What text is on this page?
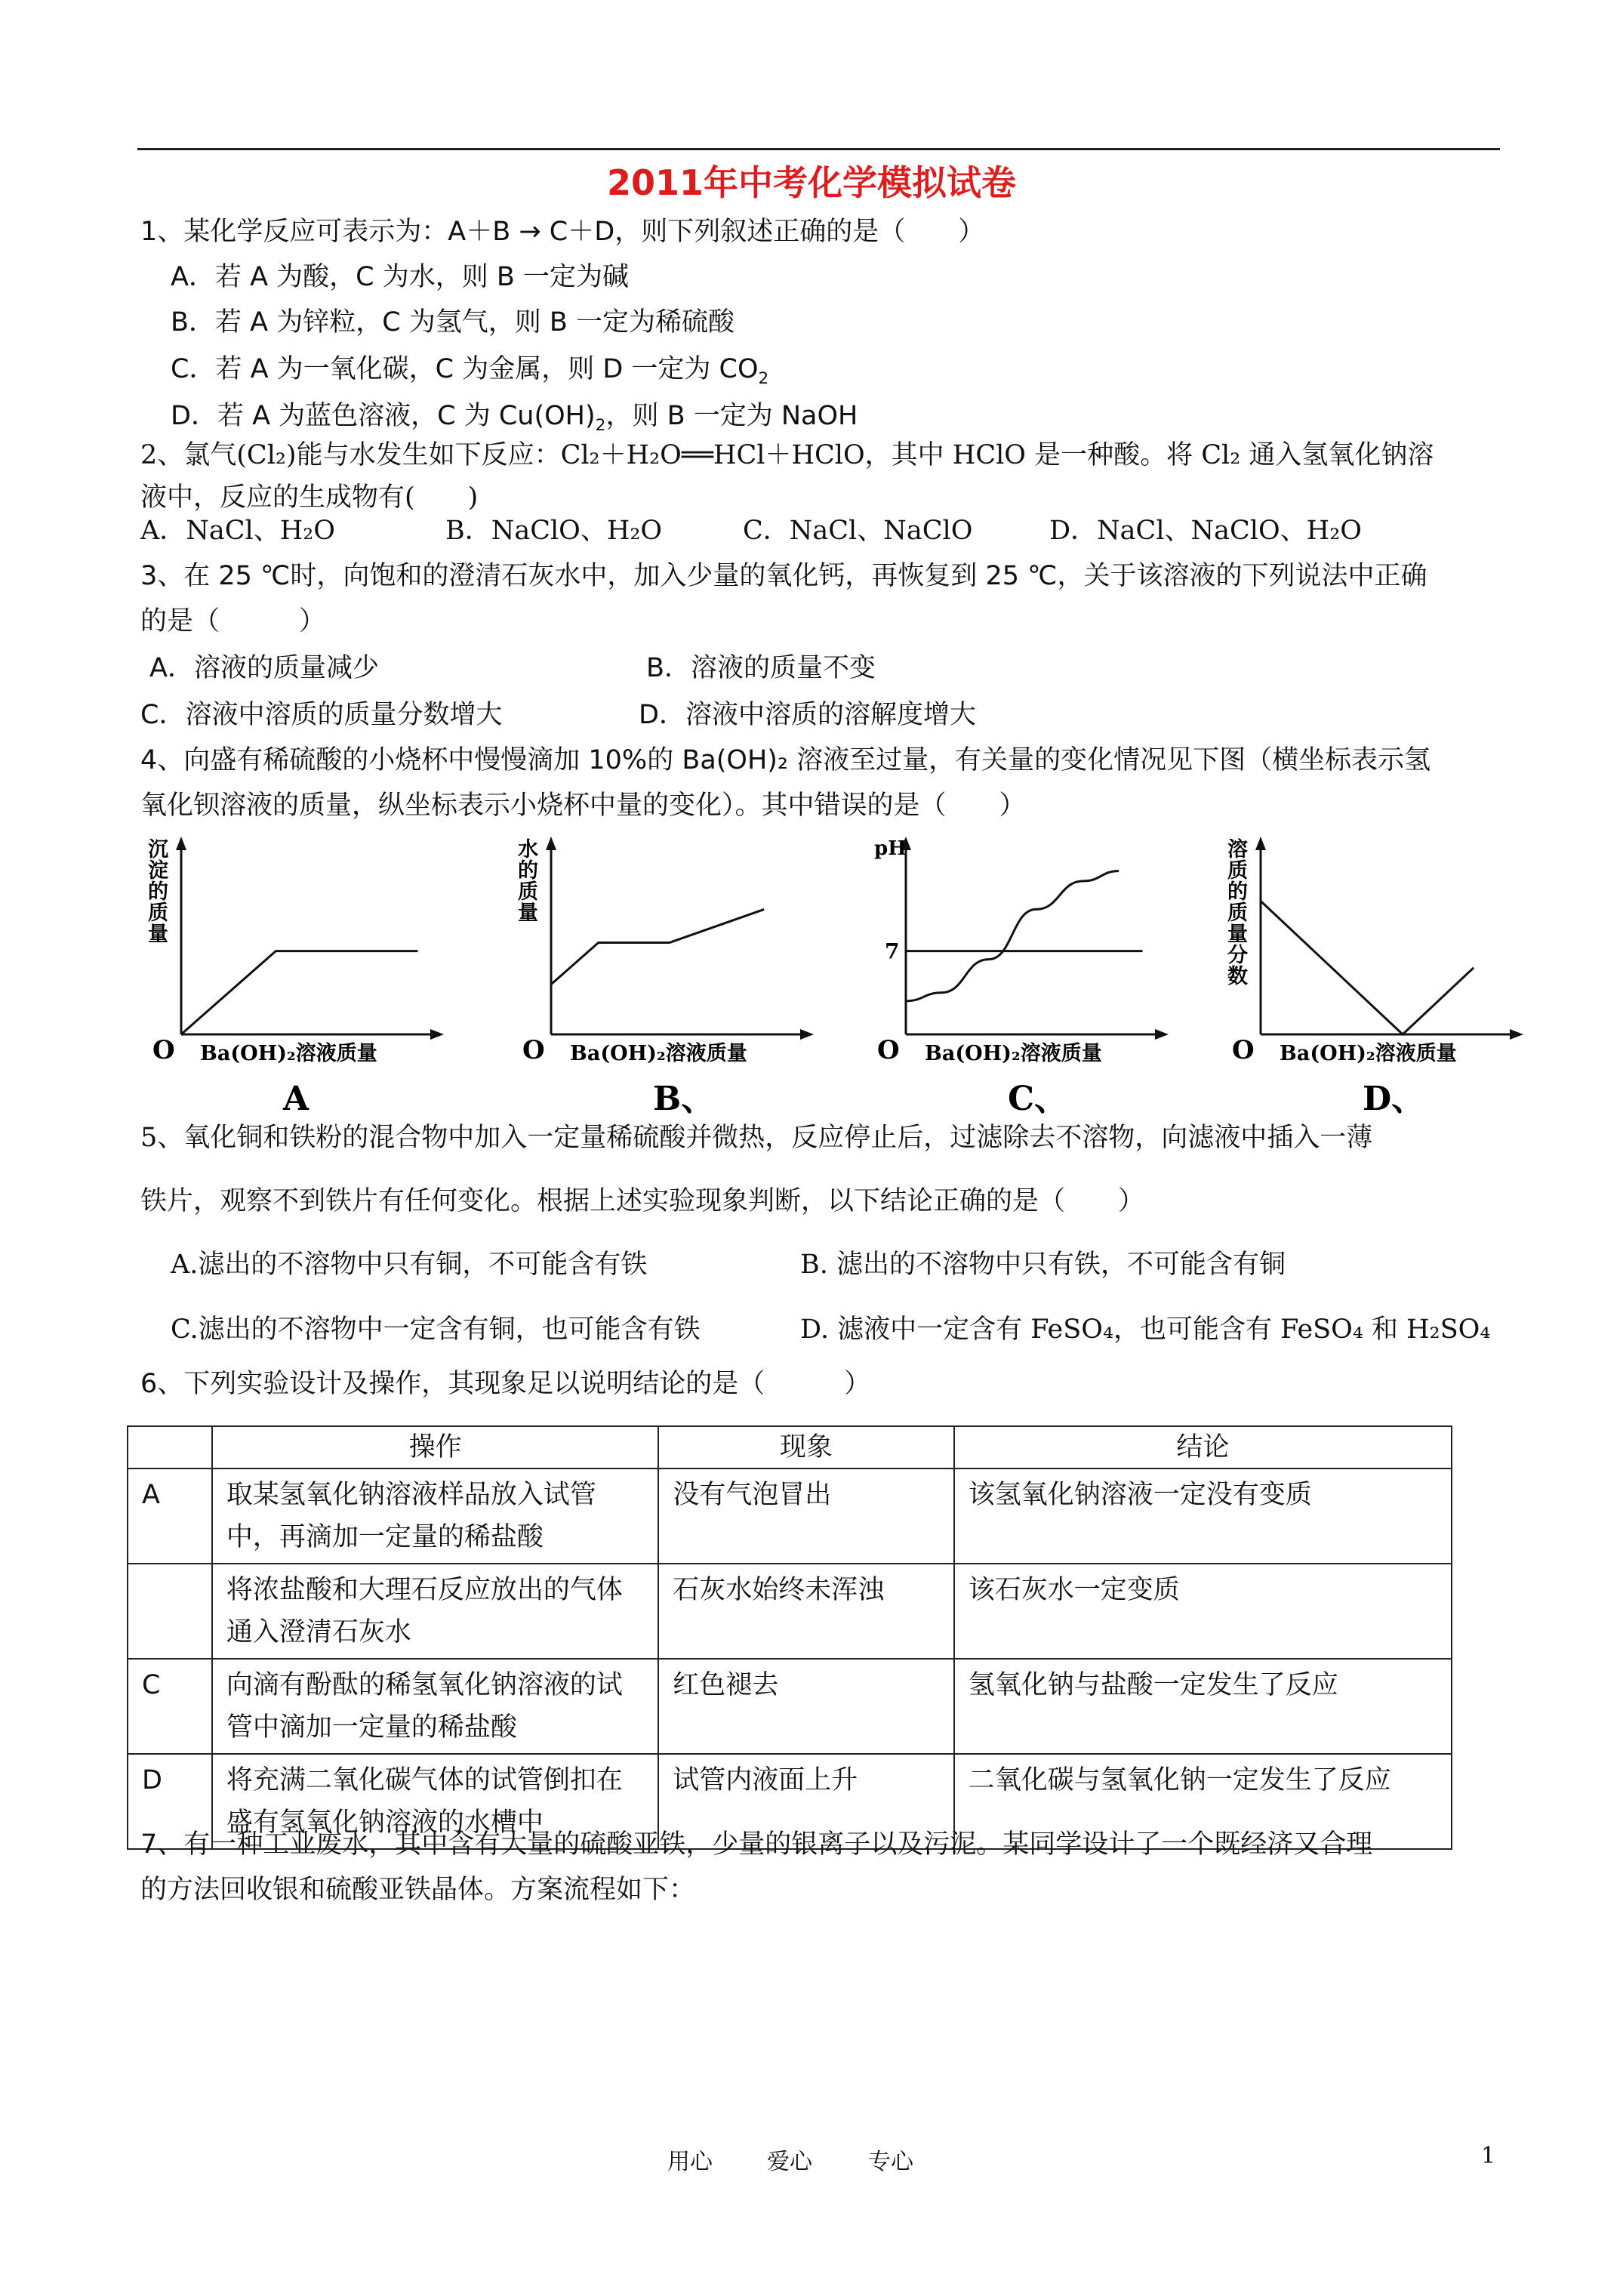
2011年中考化学模拟试卷
1、某化学反应可表示为：A＋B → C＋D，则下列叙述正确的是（　　）
A．若 A 为酸，C 为水，则 B 一定为碱
B．若 A 为锌粒，C 为氢气，则 B 一定为稀硫酸
C．若 A 为一氧化碳，C 为金属，则 D 一定为 $CO_2$
D．若 A 为蓝色溶液，C 为 $Cu(OH)_2$，则 B 一定为 NaOH
2、氯气(Cl₂)能与水发生如下反应：Cl₂＋H₂O══HCl＋HClO，其中 HClO 是一种酸。将 Cl₂ 通入氢氧化钠溶
液中，反应的生成物有(　　)
A．NaCl、H₂O	B．NaClO、H₂O	C．NaCl、NaClO	D．NaCl、NaClO、H₂O
3、在 25 ℃时，向饱和的澄清石灰水中，加入少量的氧化钙，再恢复到 25 ℃，关于该溶液的下列说法中正确
的是（　　　）
A．溶液的质量减少	B．溶液的质量不变
C．溶液中溶质的质量分数增大	D．溶液中溶质的溶解度增大
4、向盛有稀硫酸的小烧杯中慢慢滴加 10%的 Ba(OH)₂ 溶液至过量，有关量的变化情况见下图（横坐标表示氢
氧化钡溶液的质量，纵坐标表示小烧杯中量的变化）。其中错误的是（　　）
O
沉淀的质量
Ba(OH)₂溶液质量
A
O
水的质量
Ba(OH)₂溶液质量
B、
O
pH
7
Ba(OH)₂溶液质量
C、
O
溶质的质量分数
Ba(OH)₂溶液质量
D、
5、氧化铜和铁粉的混合物中加入一定量稀硫酸并微热，反应停止后，过滤除去不溶物，向滤液中插入一薄
铁片，观察不到铁片有任何变化。根据上述实验现象判断，以下结论正确的是（　　）
A.滤出的不溶物中只有铜，不可能含有铁	B. 滤出的不溶物中只有铁，不可能含有铜
C.滤出的不溶物中一定含有铜，也可能含有铁	D. 滤液中一定含有 FeSO₄，也可能含有 FeSO₄ 和 H₂SO₄
6、下列实验设计及操作，其现象足以说明结论的是（　　　）
	操作	现象	结论
A	取某氢氧化钠溶液样品放入试管中，再滴加一定量的稀盐酸	没有气泡冒出	该氢氧化钠溶液一定没有变质
	将浓盐酸和大理石反应放出的气体通入澄清石灰水	石灰水始终未浑浊	该石灰水一定变质
C	向滴有酚酞的稀氢氧化钠溶液的试管中滴加一定量的稀盐酸	红色褪去	氢氧化钠与盐酸一定发生了反应
D	将充满二氧化碳气体的试管倒扣在盛有氢氧化钠溶液的水槽中	试管内液面上升	二氧化碳与氢氧化钠一定发生了反应
7、有一种工业废水，其中含有大量的硫酸亚铁，少量的银离子以及污泥。某同学设计了一个既经济又合理
的方法回收银和硫酸亚铁晶体。方案流程如下：
用心 爱心 专心	1
